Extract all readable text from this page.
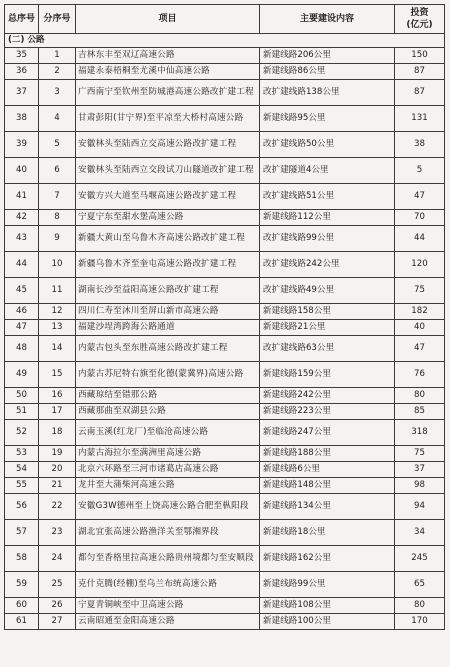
总序号	分序号	项目	主要建设内容	投资
(亿元)
(二) 公路				
35	1	吉林东丰至双辽高速公路	新建线路206公里	150
36	2	福建永泰梧桐至尤溪中仙高速公路	新建线路86公里	87
37	3	广西南宁至钦州至防城港高速公路改扩建工程	改扩建线路138公里	87
38	4	甘肃彭阳(甘宁界)至平凉至大桥村高速公路	新建线路95公里	131
39	5	安徽林头至陆西立交高速公路改扩建工程	改扩建线路50公里	38
40	6	安徽林头至陆西立交段试刀山隧道改扩建工程	改扩建隧道4公里	5
41	7	安徽方兴大道至马堰高速公路改扩建工程	改扩建线路51公里	47
42	8	宁夏宁东至甜水堡高速公路	新建线路112公里	70
43	9	新疆大黄山至乌鲁木齐高速公路改扩建工程	改扩建线路99公里	44
44	10	新疆乌鲁木齐至奎屯高速公路改扩建工程	改扩建线路242公里	120
45	11	湖南长沙至益阳高速公路改扩建工程	改扩建线路49公里	75
46	12	四川仁寿至沐川至屏山新市高速公路	新建线路158公里	182
47	13	福建沙埕湾跨海公路通道	新建线路21公里	40
48	14	内蒙古包头至东胜高速公路改扩建工程	改扩建线路63公里	47
49	15	内蒙古苏尼特右旗至化德(蒙冀界)高速公路	新建线路159公里	76
50	16	西藏琼结至错那公路	新建线路242公里	80
51	17	西藏那曲至双湖县公路	新建线路223公里	85
52	18	云南玉溪(红龙厂)至临沧高速公路	新建线路247公里	318
53	19	内蒙古海拉尔至满洲里高速公路	新建线路188公里	75
54	20	北京六环路至三河市诸葛店高速公路	新建线路6公里	37
55	21	龙井至大蒲柴河高速公路	新建线路148公里	98
56	22	安徽G3W德州至上饶高速公路合肥至枞阳段	新建线路134公里	94
57	23	湖北宜张高速公路渔洋关至鄂湘界段	新建线路18公里	34
58	24	都匀至香格里拉高速公路贵州境都匀至安顺段	新建线路162公里	245
59	25	克什克腾(经棚)至乌兰布统高速公路	新建线路99公里	65
60	26	宁夏青铜峡至中卫高速公路	新建线路108公里	80
61	27	云南昭通至金阳高速公路	新建线路100公里	170
